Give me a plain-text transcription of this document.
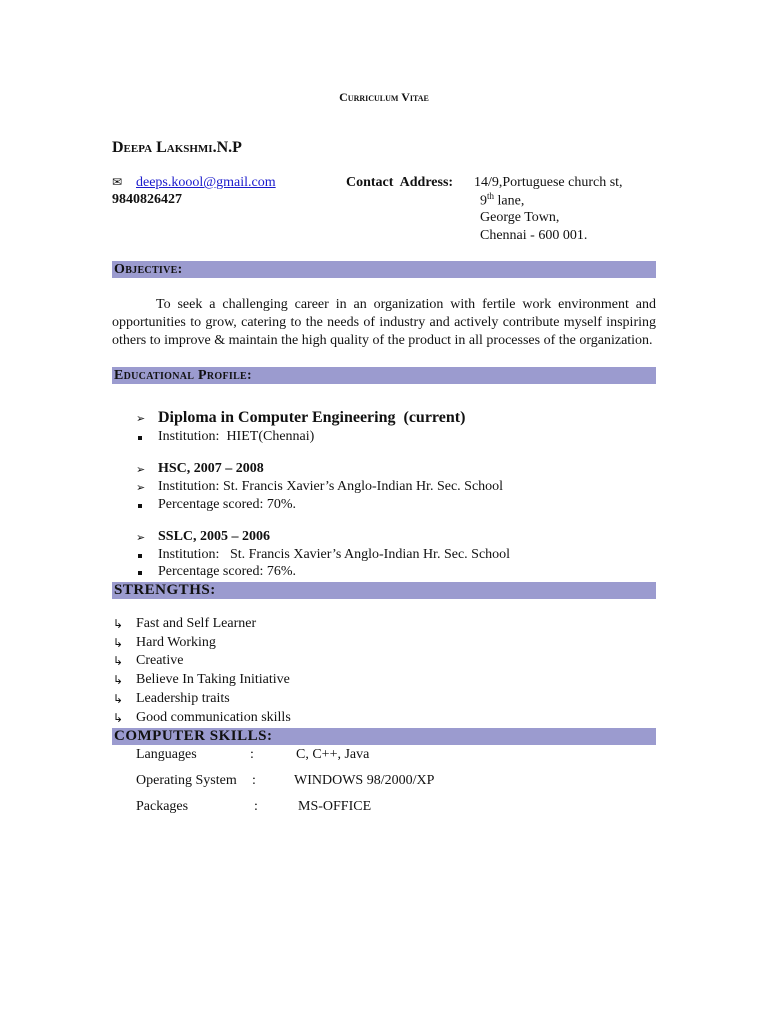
Curriculum Vitae
Deepa Lakshmi.N.P
✉ deeps.koool@gmail.com
9840826427
Contact  Address: 14/9,Portuguese church st,
9th lane,
George Town,
Chennai - 600 001.
Objective:
To seek a challenging career in an organization with fertile work environment and opportunities to grow, catering to the needs of industry and actively contribute myself inspiring others to improve & maintain the high quality of the product in all processes of the organization.
Educational Profile:
➢ Diploma in Computer Engineering  (current)
Institution:  HIET(Chennai)
➢ HSC, 2007 – 2008
➢ Institution: St. Francis Xavier’s Anglo-Indian Hr. Sec. School
Percentage scored: 70%.
➢ SSLC, 2005 – 2006
Institution:   St. Francis Xavier’s Anglo-Indian Hr. Sec. School
Percentage scored: 76%.
STRENGTHS:
↳ Fast and Self Learner
↳ Hard Working
↳ Creative
↳ Believe In Taking Initiative
↳ Leadership traits
↳ Good communication skills
COMPUTER SKILLS:
Languages	:	C, C++, Java
Operating System :	WINDOWS 98/2000/XP
Packages	:	MS-OFFICE
